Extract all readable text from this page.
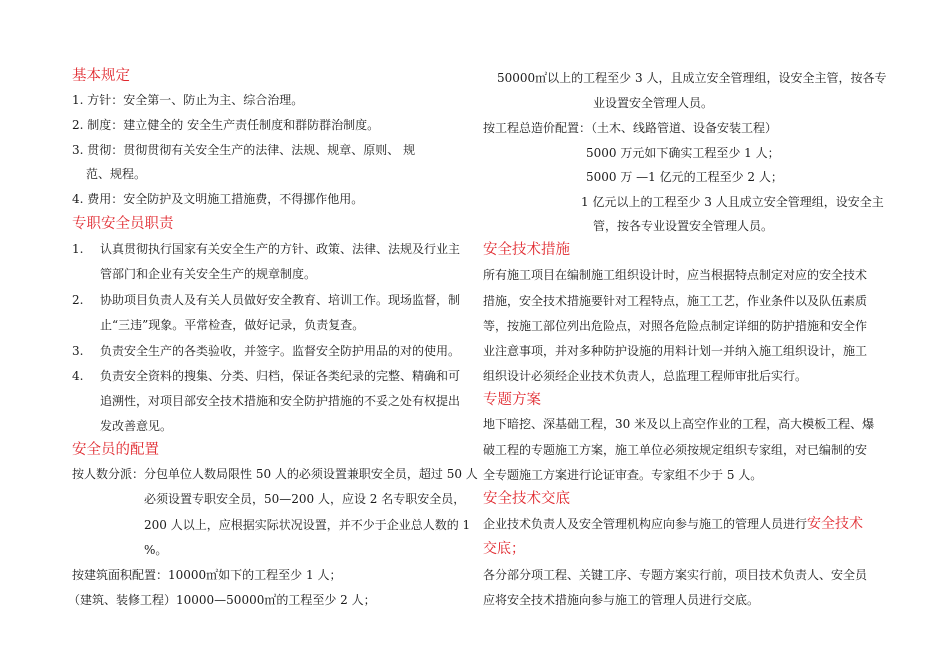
基本规定
1. 方针：安全第一、防止为主、综合治理。
2. 制度：建立健全的 安全生产责任制度和群防群治制度。
3. 贯彻：贯彻贯彻有关安全生产的法律、法规、规章、原则、 规
范、规程。
4. 费用：安全防护及文明施工措施费，不得挪作他用。
专职安全员职责
1. 认真贯彻执行国家有关安全生产的方针、政策、法律、法规及行业主
管部门和企业有关安全生产的规章制度。
2. 协助项目负责人及有关人员做好安全教育、培训工作。现场监督，制
止“三违”现象。平常检查，做好记录，负责复查。
3. 负责安全生产的各类验收，并签字。监督安全防护用品的对的使用。
4. 负责安全资料的搜集、分类、归档，保证各类纪录的完整、精确和可
追溯性，对项目部安全技术措施和安全防护措施的不妥之处有权提出
发改善意见。
安全员的配置
按人数分派：分包单位人数局限性 50 人的必须设置兼职安全员，超过 50 人
必须设置专职安全员，50—200 人，应设 2 名专职安全员，
200 人以上，应根据实际状况设置，并不少于企业总人数的 1
%。
按建筑面积配置：10000㎡如下的工程至少 1 人；
（建筑、装修工程）10000—50000㎡的工程至少 2 人；
50000㎡以上的工程至少 3 人，且成立安全管理组，设安全主管，按各专
业设置安全管理人员。
按工程总造价配置：（土木、线路管道、设备安装工程）
5000 万元如下确实工程至少 1 人；
5000 万 —1 亿元的工程至少 2 人；
1 亿元以上的工程至少 3 人且成立安全管理组，设安全主
管，按各专业设置安全管理人员。
安全技术措施
所有施工项目在编制施工组织设计时，应当根据特点制定对应的安全技术
措施，安全技术措施要针对工程特点，施工工艺，作业条件以及队伍素质
等，按施工部位列出危险点，对照各危险点制定详细的防护措施和安全作
业注意事项，并对多种防护设施的用料计划一并纳入施工组织设计，施工
组织设计必须经企业技术负责人，总监理工程师审批后实行。
专题方案
地下暗挖、深基础工程，30 米及以上高空作业的工程，高大模板工程、爆
破工程的专题施工方案，施工单位必须按规定组织专家组，对已编制的安
全专题施工方案进行论证审查。专家组不少于 5 人。
安全技术交底
企业技术负责人及安全管理机构应向参与施工的管理人员进行安全技术
交底；
各分部分项工程、关键工序、专题方案实行前，项目技术负责人、安全员
应将安全技术措施向参与施工的管理人员进行交底。
